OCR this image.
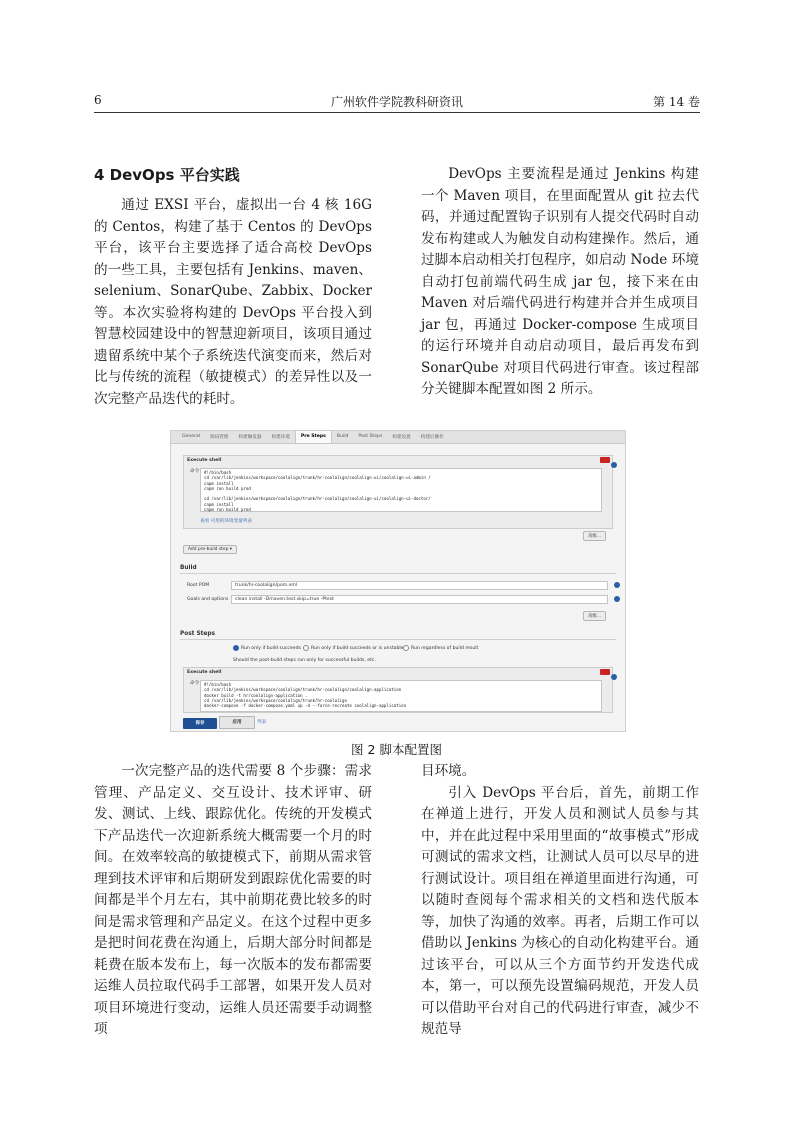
6	广州软件学院教科研资讯	第 14 卷
4 DevOps 平台实践

通过 EXSI 平台，虚拟出一台 4 核 16G 的 Centos，构建了基于 Centos 的 DevOps 平台，该平台主要选择了适合高校 DevOps 的一些工具，主要包括有 Jenkins、maven、selenium、SonarQube、Zabbix、Docker 等。本次实验将构建的 DevOps 平台投入到智慧校园建设中的智慧迎新项目，该项目通过遗留系统中某个子系统迭代演变而来，然后对比与传统的流程（敏捷模式）的差异性以及一次完整产品迭代的耗时。

DevOps 主要流程是通过 Jenkins 构建一个 Maven 项目，在里面配置从 git 拉去代码，并通过配置钩子识别有人提交代码时自动发布构建或人为触发自动构建操作。然后，通过脚本启动相关打包程序，如启动 Node 环境自动打包前端代码生成 jar 包，接下来在由 Maven 对后端代码进行构建并合并生成项目 jar 包，再通过 Docker-compose 生成项目的运行环境并自动启动项目，最后再发布到 SonarQube 对项目代码进行审查。该过程部分关键脚本配置如图 2 所示。

General	源码管理	构建触发器	构建环境	Pre Steps	Build	Post Steps	构建设置	构建后操作
Execute shell
命令	#!/bin/bash
cd /var/lib/jenkins/workspace/coolalign/trunk/hr-coolalign/coolalign-ui/coolalign-ui-admin /
cnpm install
cnpm run build prod

cd /var/lib/jenkins/workspace/coolalign/trunk/hr-coolalign/coolalign-ui/coolalign-ui-doctor/
cnpm install
cnpm run build prod
查看 可用的环境变量列表
高级...
Add pre-build step ▾
Build
Root POM	trunk/hr-coolalign/pom.xml
Goals and options	clean install -Dmaven.test.skip=true -Ptest
高级...
Post Steps
Run only if build succeeds Run only if build succeeds or is unstable Run regardless of build result
Should the post-build steps run only for successful builds, etc.
Execute shell
命令	#!/bin/bash
cd /var/lib/jenkins/workspace/coolalign/trunk/hr-coolalign/coolalign-application
docker build -t hr/coolalign-application .
cd /var/lib/jenkins/workspace/coolalign/trunk/hr-coolalign
docker-compose -f docker-compose.yaml up -d --force-recreate coolalign-application
保存	应用	列表
图 2 脚本配置图

一次完整产品的迭代需要 8 个步骤：需求管理、产品定义、交互设计、技术评审、研发、测试、上线、跟踪优化。传统的开发模式下产品迭代一次迎新系统大概需要一个月的时间。在效率较高的敏捷模式下，前期从需求管理到技术评审和后期研发到跟踪优化需要的时间都是半个月左右，其中前期花费比较多的时间是需求管理和产品定义。在这个过程中更多是把时间花费在沟通上，后期大部分时间都是耗费在版本发布上，每一次版本的发布都需要运维人员拉取代码手工部署，如果开发人员对项目环境进行变动，运维人员还需要手动调整项

目环境。

引入 DevOps 平台后，首先，前期工作在禅道上进行，开发人员和测试人员参与其中，并在此过程中采用里面的“故事模式”形成可测试的需求文档，让测试人员可以尽早的进行测试设计。项目组在禅道里面进行沟通，可以随时查阅每个需求相关的文档和迭代版本等，加快了沟通的效率。再者，后期工作可以借助以 Jenkins 为核心的自动化构建平台。通过该平台，可以从三个方面节约开发迭代成本，第一，可以预先设置编码规范，开发人员可以借助平台对自己的代码进行审查，减少不规范导
